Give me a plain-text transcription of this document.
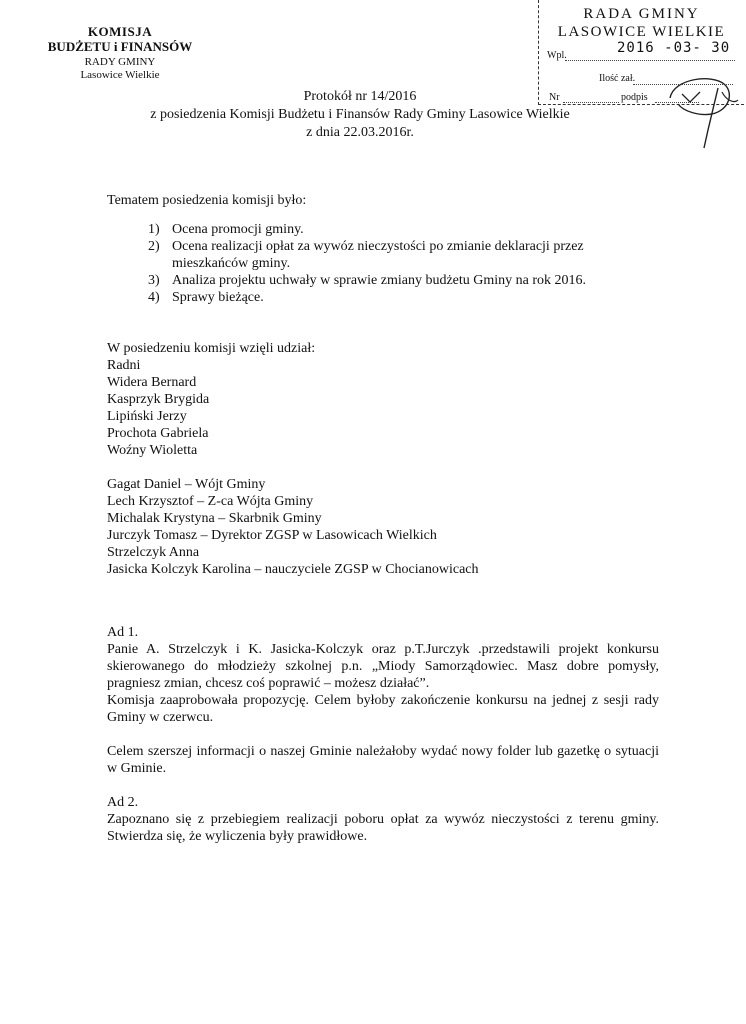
KOMISJA
BUDŻETU i FINANSÓW
RADY GMINY
Lasowice Wielkie
RADA GMINY
LASOWICE WIELKIE
2016 -03- 30
Wpl.
Ilość zał.
Nr	podpis
Protokół nr 14/2016
z posiedzenia Komisji Budżetu i Finansów Rady Gminy Lasowice Wielkie
z dnia 22.03.2016r.
Tematem posiedzenia komisji było:
1) Ocena promocji gminy.
2) Ocena realizacji opłat za wywóz nieczystości po zmianie deklaracji przez mieszkańców gminy.
3) Analiza projektu uchwały w sprawie zmiany budżetu Gminy na rok 2016.
4) Sprawy bieżące.
W posiedzeniu komisji wzięli udział:
Radni
Widera Bernard
Kasprzyk Brygida
Lipiński Jerzy
Prochota Gabriela
Woźny Wioletta
Gagat Daniel – Wójt Gminy
Lech Krzysztof – Z-ca Wójta Gminy
Michalak Krystyna – Skarbnik Gminy
Jurczyk Tomasz – Dyrektor ZGSP w Lasowicach Wielkich
Strzelczyk Anna
Jasicka Kolczyk Karolina – nauczyciele ZGSP w Chocianowicach

Ad 1.

Panie A. Strzelczyk i K. Jasicka-Kolczyk oraz p.T.Jurczyk .przedstawili projekt konkursu skierowanego do młodzieży szkolnej p.n. „Miody Samorządowiec. Masz dobre pomysły, pragniesz zmian, chcesz coś poprawić – możesz działać”.

Komisja zaaprobowała propozycję. Celem byłoby zakończenie konkursu na jednej z sesji rady Gminy w czerwcu.

Celem szerszej informacji o naszej Gminie należałoby wydać nowy folder lub gazetkę o sytuacji w Gminie.

Ad 2.

Zapoznano się z przebiegiem realizacji poboru opłat za wywóz nieczystości z terenu gminy. Stwierdza się, że wyliczenia były prawidłowe.
